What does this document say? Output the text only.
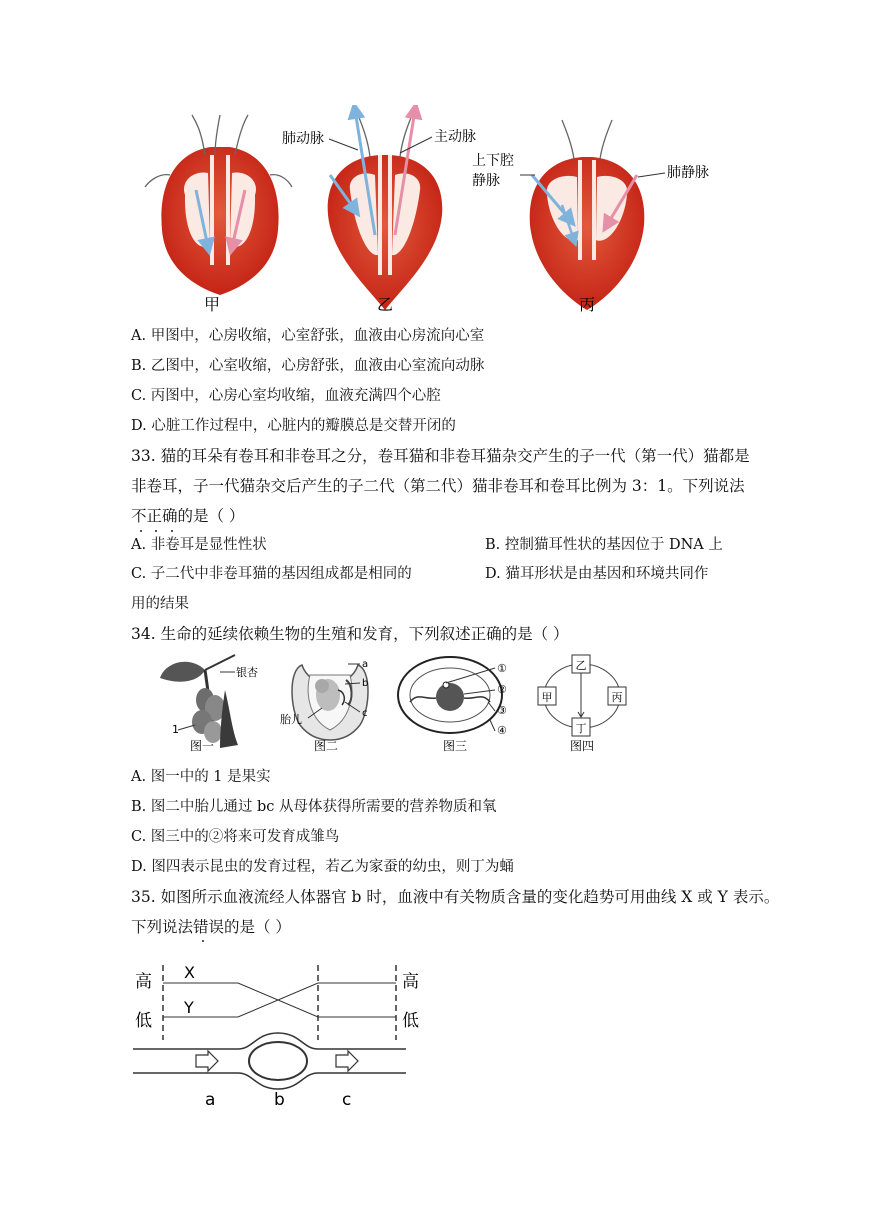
甲	乙	丙
肺动脉	主动脉
上下腔
静脉	肺静脉
A. 甲图中，心房收缩，心室舒张，血液由心房流向心室
B. 乙图中，心室收缩，心房舒张，血液由心室流向动脉
C. 丙图中，心房心室均收缩，血液充满四个心腔
D. 心脏工作过程中，心脏内的瓣膜总是交替开闭的
33. 猫的耳朵有卷耳和非卷耳之分，卷耳猫和非卷耳猫杂交产生的子一代（第一代）猫都是
非卷耳，子一代猫杂交后产生的子二代（第二代）猫非卷耳和卷耳比例为 3：1。下列说法
不正确的是（ ）
A. 非卷耳是显性性状	B. 控制猫耳性状的基因位于 DNA 上
C. 子二代中非卷耳猫的基因组成都是相同的	D. 猫耳形状是由基因和环境共同作
用的结果
34. 生命的延续依赖生物的生殖和发育，下列叙述正确的是（ ）
银杏
1
图一
a
b
c
胎儿
图二
①
②
③
④
图三
乙
甲	丙
丁
图四
A. 图一中的 1 是果实
B. 图二中胎儿通过 bc 从母体获得所需要的营养物质和氧
C. 图三中的②将来可发育成雏鸟
D. 图四表示昆虫的发育过程，若乙为家蚕的幼虫，则丁为蛹
35. 如图所示血液流经人体器官 b 时，血液中有关物质含量的变化趋势可用曲线 X 或 Y 表示。
下列说法错误的是（ ）
高
低
高
低
X
Y
a	b	c
